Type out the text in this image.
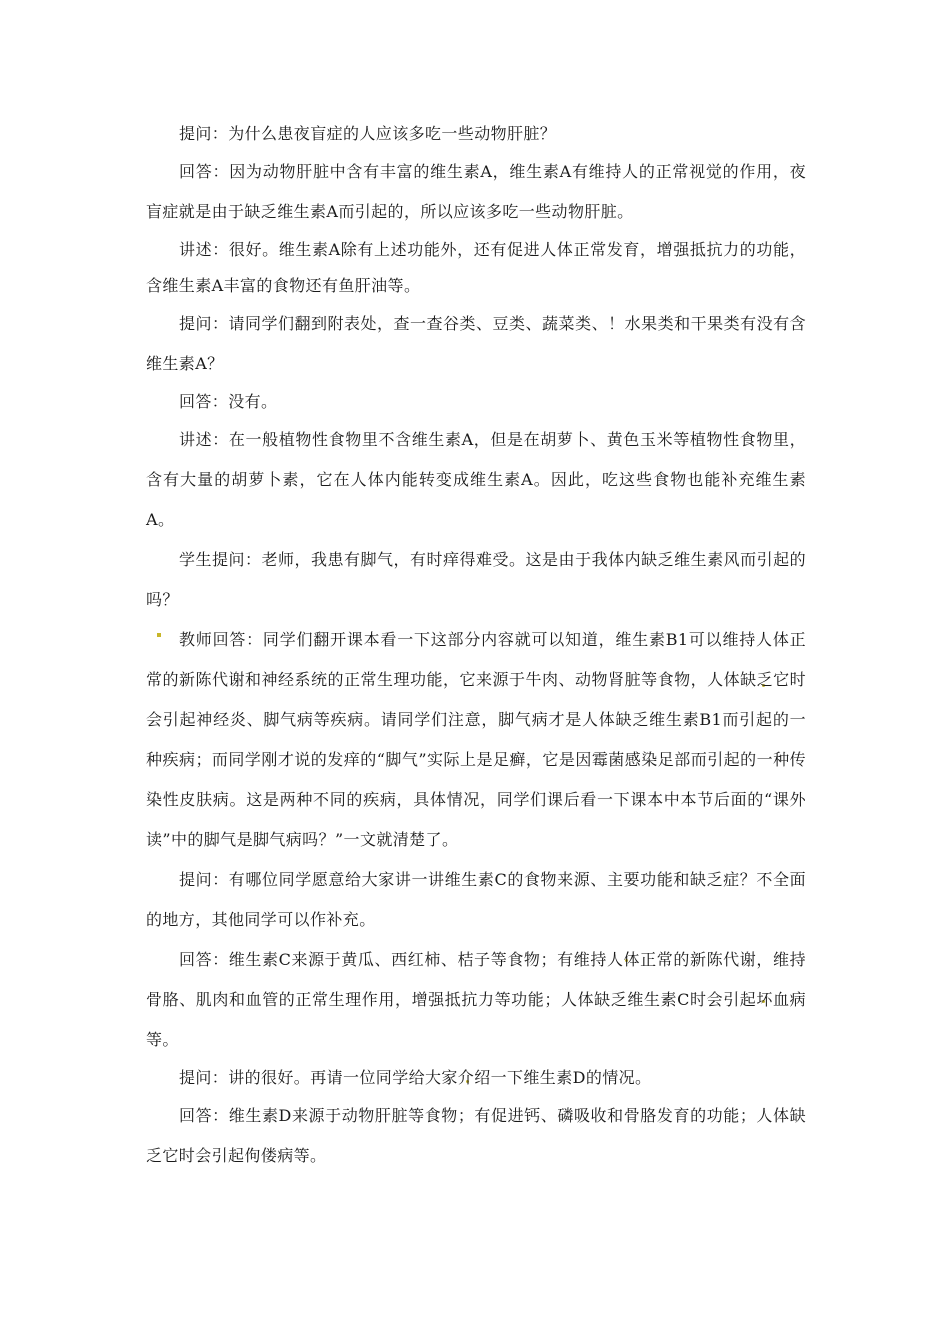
提问：为什么患夜盲症的人应该多吃一些动物肝脏？

回答：因为动物肝脏中含有丰富的维生素A，维生素A有维持人的正常视觉的作用，夜盲症就是由于缺乏维生素A而引起的，所以应该多吃一些动物肝脏。

讲述：很好。维生素A除有上述功能外，还有促进人体正常发育，增强抵抗力的功能，含维生素A丰富的食物还有鱼肝油等。

提问：请同学们翻到附表处，查一查谷类、豆类、蔬菜类、！水果类和干果类有没有含维生素A？

回答：没有。

讲述：在一般植物性食物里不含维生素A，但是在胡萝卜、黄色玉米等植物性食物里，含有大量的胡萝卜素，它在人体内能转变成维生素A。因此，吃这些食物也能补充维生素A。

学生提问：老师，我患有脚气，有时痒得难受。这是由于我体内缺乏维生素风而引起的吗？

教师回答：同学们翻开课本看一下这部分内容就可以知道，维生素B1可以维持人体正常的新陈代谢和神经系统的正常生理功能，它来源于牛肉、动物肾脏等食物，人体缺乏它时会引起神经炎、脚气病等疾病。请同学们注意，脚气病才是人体缺乏维生素B1而引起的一种疾病；而同学刚才说的发痒的“脚气”实际上是足癣，它是因霉菌感染足部而引起的一种传染性皮肤病。这是两种不同的疾病，具体情况，同学们课后看一下课本中本节后面的“课外读”中的脚气是脚气病吗？”一文就清楚了。

提问：有哪位同学愿意给大家讲一讲维生素C的食物来源、主要功能和缺乏症？不全面的地方，其他同学可以作补充。

回答：维生素C来源于黄瓜、西红柿、桔子等食物；有维持人体正常的新陈代谢，维持骨胳、肌肉和血管的正常生理作用，增强抵抗力等功能；人体缺乏维生素C时会引起坏血病等。

提问：讲的很好。再请一位同学给大家介绍一下维生素D的情况。

回答：维生素D来源于动物肝脏等食物；有促进钙、磷吸收和骨胳发育的功能；人体缺乏它时会引起佝偻病等。
